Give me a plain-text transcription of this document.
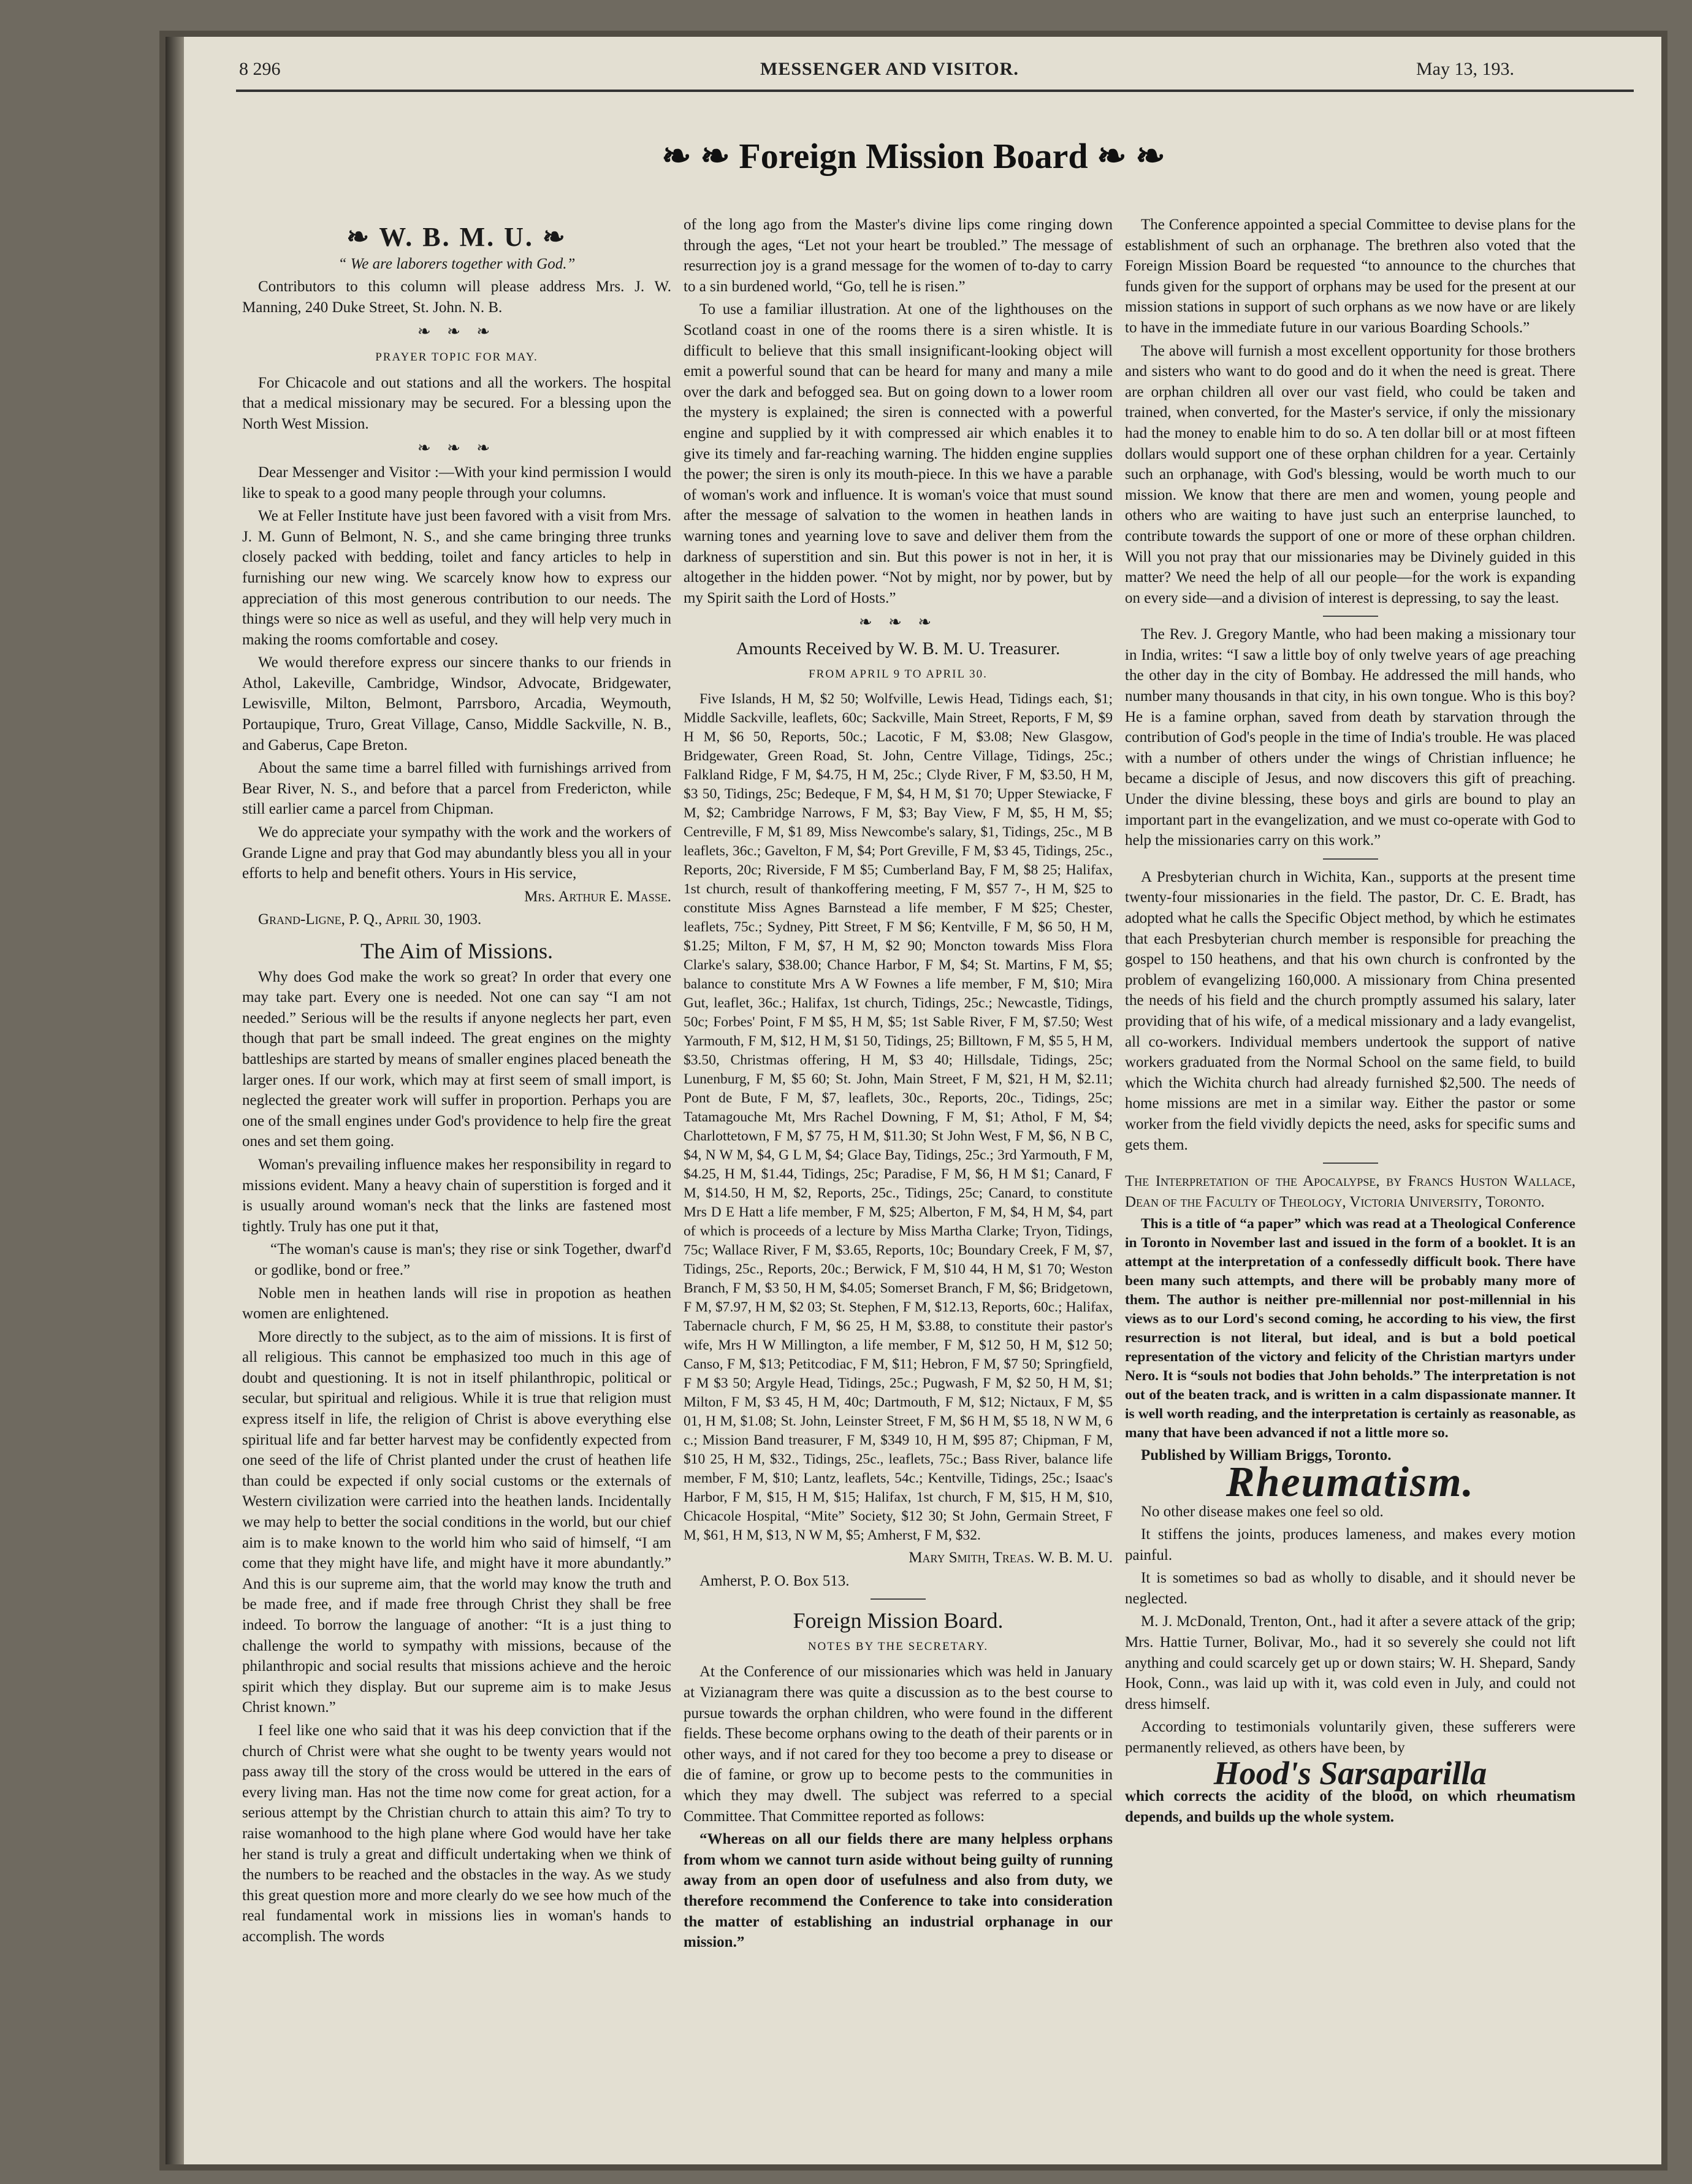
8 296	MESSENGER AND VISITOR.	May 13, 193.
❧ ❧ Foreign Mission Board ❧ ❧
❧ W. B. M. U. ❧

“ We are laborers together with God.”

Contributors to this column will please address Mrs. J. W. Manning, 240 Duke Street, St. John. N. B.

❧ ❧ ❧
PRAYER TOPIC FOR MAY.

For Chicacole and out stations and all the workers. The hospital that a medical missionary may be secured. For a blessing upon the North West Mission.

❧ ❧ ❧

Dear Messenger and Visitor :—With your kind permission I would like to speak to a good many people through your columns.

We at Feller Institute have just been favored with a visit from Mrs. J. M. Gunn of Belmont, N. S., and she came bringing three trunks closely packed with bedding, toilet and fancy articles to help in furnishing our new wing. We scarcely know how to express our appreciation of this most generous contribution to our needs. The things were so nice as well as useful, and they will help very much in making the rooms comfortable and cosey.

We would therefore express our sincere thanks to our friends in Athol, Lakeville, Cambridge, Windsor, Advocate, Bridgewater, Lewisville, Milton, Belmont, Parrsboro, Arcadia, Weymouth, Portaupique, Truro, Great Village, Canso, Middle Sackville, N. B., and Gaberus, Cape Breton.

About the same time a barrel filled with furnishings arrived from Bear River, N. S., and before that a parcel from Fredericton, while still earlier came a parcel from Chipman.

We do appreciate your sympathy with the work and the workers of Grande Ligne and pray that God may abundantly bless you all in your efforts to help and benefit others. Yours in His service,

Mrs. Arthur E. Masse.

Grand-Ligne, P. Q., April 30, 1903.

The Aim of Missions.

Why does God make the work so great? In order that every one may take part. Every one is needed. Not one can say “I am not needed.” Serious will be the results if anyone neglects her part, even though that part be small indeed. The great engines on the mighty battleships are started by means of smaller engines placed beneath the larger ones. If our work, which may at first seem of small import, is neglected the greater work will suffer in proportion. Perhaps you are one of the small engines under God's providence to help fire the great ones and set them going.

Woman's prevailing influence makes her responsibility in regard to missions evident. Many a heavy chain of superstition is forged and it is usually around woman's neck that the links are fastened most tightly. Truly has one put it that,

“The woman's cause is man's; they rise or sink Together, dwarf'd or godlike, bond or free.”

Noble men in heathen lands will rise in propotion as heathen women are enlightened.

More directly to the subject, as to the aim of missions. It is first of all religious. This cannot be emphasized too much in this age of doubt and questioning. It is not in itself philanthropic, political or secular, but spiritual and religious. While it is true that religion must express itself in life, the religion of Christ is above everything else spiritual life and far better harvest may be confidently expected from one seed of the life of Christ planted under the crust of heathen life than could be expected if only social customs or the externals of Western civilization were carried into the heathen lands. Incidentally we may help to better the social conditions in the world, but our chief aim is to make known to the world him who said of himself, “I am come that they might have life, and might have it more abundantly.” And this is our supreme aim, that the world may know the truth and be made free, and if made free through Christ they shall be free indeed. To borrow the language of another: “It is a just thing to challenge the world to sympathy with missions, because of the philanthropic and social results that missions achieve and the heroic spirit which they display. But our supreme aim is to make Jesus Christ known.”

I feel like one who said that it was his deep conviction that if the church of Christ were what she ought to be twenty years would not pass away till the story of the cross would be uttered in the ears of every living man. Has not the time now come for great action, for a serious attempt by the Christian church to attain this aim? To try to raise womanhood to the high plane where God would have her take her stand is truly a great and difficult undertaking when we think of the numbers to be reached and the obstacles in the way. As we study this great question more and more clearly do we see how much of the real fundamental work in missions lies in woman's hands to accomplish. The words

of the long ago from the Master's divine lips come ringing down through the ages, “Let not your heart be troubled.” The message of resurrection joy is a grand message for the women of to-day to carry to a sin burdened world, “Go, tell he is risen.”

To use a familiar illustration. At one of the lighthouses on the Scotland coast in one of the rooms there is a siren whistle. It is difficult to believe that this small insignificant-looking object will emit a powerful sound that can be heard for many and many a mile over the dark and befogged sea. But on going down to a lower room the mystery is explained; the siren is connected with a powerful engine and supplied by it with compressed air which enables it to give its timely and far-reaching warning. The hidden engine supplies the power; the siren is only its mouth-piece. In this we have a parable of woman's work and influence. It is woman's voice that must sound after the message of salvation to the women in heathen lands in warning tones and yearning love to save and deliver them from the darkness of superstition and sin. But this power is not in her, it is altogether in the hidden power. “Not by might, nor by power, but by my Spirit saith the Lord of Hosts.”

❧ ❧ ❧
Amounts Received by W. B. M. U. Treasurer.
FROM APRIL 9 TO APRIL 30.

Five Islands, H M, $2 50; Wolfville, Lewis Head, Tidings each, $1; Middle Sackville, leaflets, 60c; Sackville, Main Street, Reports, F M, $9 H M, $6 50, Reports, 50c.; Lacotic, F M, $3.08; New Glasgow, Bridgewater, Green Road, St. John, Centre Village, Tidings, 25c.; Falkland Ridge, F M, $4.75, H M, 25c.; Clyde River, F M, $3.50, H M, $3 50, Tidings, 25c; Bedeque, F M, $4, H M, $1 70; Upper Stewiacke, F M, $2; Cambridge Narrows, F M, $3; Bay View, F M, $5, H M, $5; Centreville, F M, $1 89, Miss Newcombe's salary, $1, Tidings, 25c., M B leaflets, 36c.; Gavelton, F M, $4; Port Greville, F M, $3 45, Tidings, 25c., Reports, 20c; Riverside, F M $5; Cumberland Bay, F M, $8 25; Halifax, 1st church, result of thankoffering meeting, F M, $57 7-, H M, $25 to constitute Miss Agnes Barnstead a life member, F M $25; Chester, leaflets, 75c.; Sydney, Pitt Street, F M $6; Kentville, F M, $6 50, H M, $1.25; Milton, F M, $7, H M, $2 90; Moncton towards Miss Flora Clarke's salary, $38.00; Chance Harbor, F M, $4; St. Martins, F M, $5; balance to constitute Mrs A W Fownes a life member, F M, $10; Mira Gut, leaflet, 36c.; Halifax, 1st church, Tidings, 25c.; Newcastle, Tidings, 50c; Forbes' Point, F M $5, H M, $5; 1st Sable River, F M, $7.50; West Yarmouth, F M, $12, H M, $1 50, Tidings, 25; Billtown, F M, $5 5, H M, $3.50, Christmas offering, H M, $3 40; Hillsdale, Tidings, 25c; Lunenburg, F M, $5 60; St. John, Main Street, F M, $21, H M, $2.11; Pont de Bute, F M, $7, leaflets, 30c., Reports, 20c., Tidings, 25c; Tatamagouche Mt, Mrs Rachel Downing, F M, $1; Athol, F M, $4; Charlottetown, F M, $7 75, H M, $11.30; St John West, F M, $6, N B C, $4, N W M, $4, G L M, $4; Glace Bay, Tidings, 25c.; 3rd Yarmouth, F M, $4.25, H M, $1.44, Tidings, 25c; Paradise, F M, $6, H M $1; Canard, F M, $14.50, H M, $2, Reports, 25c., Tidings, 25c; Canard, to constitute Mrs D E Hatt a life member, F M, $25; Alberton, F M, $4, H M, $4, part of which is proceeds of a lecture by Miss Martha Clarke; Tryon, Tidings, 75c; Wallace River, F M, $3.65, Reports, 10c; Boundary Creek, F M, $7, Tidings, 25c., Reports, 20c.; Berwick, F M, $10 44, H M, $1 70; Weston Branch, F M, $3 50, H M, $4.05; Somerset Branch, F M, $6; Bridgetown, F M, $7.97, H M, $2 03; St. Stephen, F M, $12.13, Reports, 60c.; Halifax, Tabernacle church, F M, $6 25, H M, $3.88, to constitute their pastor's wife, Mrs H W Millington, a life member, F M, $12 50, H M, $12 50; Canso, F M, $13; Petitcodiac, F M, $11; Hebron, F M, $7 50; Springfield, F M $3 50; Argyle Head, Tidings, 25c.; Pugwash, F M, $2 50, H M, $1; Milton, F M, $3 45, H M, 40c; Dartmouth, F M, $12; Nictaux, F M, $5 01, H M, $1.08; St. John, Leinster Street, F M, $6 H M, $5 18, N W M, 6 c.; Mission Band treasurer, F M, $349 10, H M, $95 87; Chipman, F M, $10 25, H M, $32., Tidings, 25c., leaflets, 75c.; Bass River, balance life member, F M, $10; Lantz, leaflets, 54c.; Kentville, Tidings, 25c.; Isaac's Harbor, F M, $15, H M, $15; Halifax, 1st church, F M, $15, H M, $10, Chicacole Hospital, “Mite” Society, $12 30; St John, Germain Street, F M, $61, H M, $13, N W M, $5; Amherst, F M, $32.

Mary Smith, Treas. W. B. M. U.

Amherst, P. O. Box 513.

Foreign Mission Board.
NOTES BY THE SECRETARY.

At the Conference of our missionaries which was held in January at Vizianagram there was quite a discussion as to the best course to pursue towards the orphan children, who were found in the different fields. These become orphans owing to the death of their parents or in other ways, and if not cared for they too become a prey to disease or die of famine, or grow up to become pests to the communities in which they may dwell. The subject was referred to a special Committee. That Committee reported as follows:

“Whereas on all our fields there are many helpless orphans from whom we cannot turn aside without being guilty of running away from an open door of usefulness and also from duty, we therefore recommend the Conference to take into consideration the matter of establishing an industrial orphanage in our mission.”

The Conference appointed a special Committee to devise plans for the establishment of such an orphanage. The brethren also voted that the Foreign Mission Board be requested “to announce to the churches that funds given for the support of orphans may be used for the present at our mission stations in support of such orphans as we now have or are likely to have in the immediate future in our various Boarding Schools.”

The above will furnish a most excellent opportunity for those brothers and sisters who want to do good and do it when the need is great. There are orphan children all over our vast field, who could be taken and trained, when converted, for the Master's service, if only the missionary had the money to enable him to do so. A ten dollar bill or at most fifteen dollars would support one of these orphan children for a year. Certainly such an orphanage, with God's blessing, would be worth much to our mission. We know that there are men and women, young people and others who are waiting to have just such an enterprise launched, to contribute towards the support of one or more of these orphan children. Will you not pray that our missionaries may be Divinely guided in this matter? We need the help of all our people—for the work is expanding on every side—and a division of interest is depressing, to say the least.

The Rev. J. Gregory Mantle, who had been making a missionary tour in India, writes: “I saw a little boy of only twelve years of age preaching the other day in the city of Bombay. He addressed the mill hands, who number many thousands in that city, in his own tongue. Who is this boy? He is a famine orphan, saved from death by starvation through the contribution of God's people in the time of India's trouble. He was placed with a number of others under the wings of Christian influence; he became a disciple of Jesus, and now discovers this gift of preaching. Under the divine blessing, these boys and girls are bound to play an important part in the evangelization, and we must co-operate with God to help the missionaries carry on this work.”

A Presbyterian church in Wichita, Kan., supports at the present time twenty-four missionaries in the field. The pastor, Dr. C. E. Bradt, has adopted what he calls the Specific Object method, by which he estimates that each Presbyterian church member is responsible for preaching the gospel to 150 heathens, and that his own church is confronted by the problem of evangelizing 160,000. A missionary from China presented the needs of his field and the church promptly assumed his salary, later providing that of his wife, of a medical missionary and a lady evangelist, all co-workers. Individual members undertook the support of native workers graduated from the Normal School on the same field, to build which the Wichita church had already furnished $2,500. The needs of home missions are met in a similar way. Either the pastor or some worker from the field vividly depicts the need, asks for specific sums and gets them.

The Interpretation of the Apocalypse, by Francs Huston Wallace, Dean of the Faculty of Theology, Victoria University, Toronto.

This is a title of “a paper” which was read at a Theological Conference in Toronto in November last and issued in the form of a booklet. It is an attempt at the interpretation of a confessedly difficult book. There have been many such attempts, and there will be probably many more of them. The author is neither pre-millennial nor post-millennial in his views as to our Lord's second coming, he according to his view, the first resurrection is not literal, but ideal, and is but a bold poetical representation of the victory and felicity of the Christian martyrs under Nero. It is “souls not bodies that John beholds.” The interpretation is not out of the beaten track, and is written in a calm dispassionate manner. It is well worth reading, and the interpretation is certainly as reasonable, as many that have been advanced if not a little more so.

Published by William Briggs, Toronto.

Rheumatism.

No other disease makes one feel so old.

It stiffens the joints, produces lameness, and makes every motion painful.

It is sometimes so bad as wholly to disable, and it should never be neglected.

M. J. McDonald, Trenton, Ont., had it after a severe attack of the grip; Mrs. Hattie Turner, Bolivar, Mo., had it so severely she could not lift anything and could scarcely get up or down stairs; W. H. Shepard, Sandy Hook, Conn., was laid up with it, was cold even in July, and could not dress himself.

According to testimonials voluntarily given, these sufferers were permanently relieved, as others have been, by

Hood's Sarsaparilla

which corrects the acidity of the blood, on which rheumatism depends, and builds up the whole system.
